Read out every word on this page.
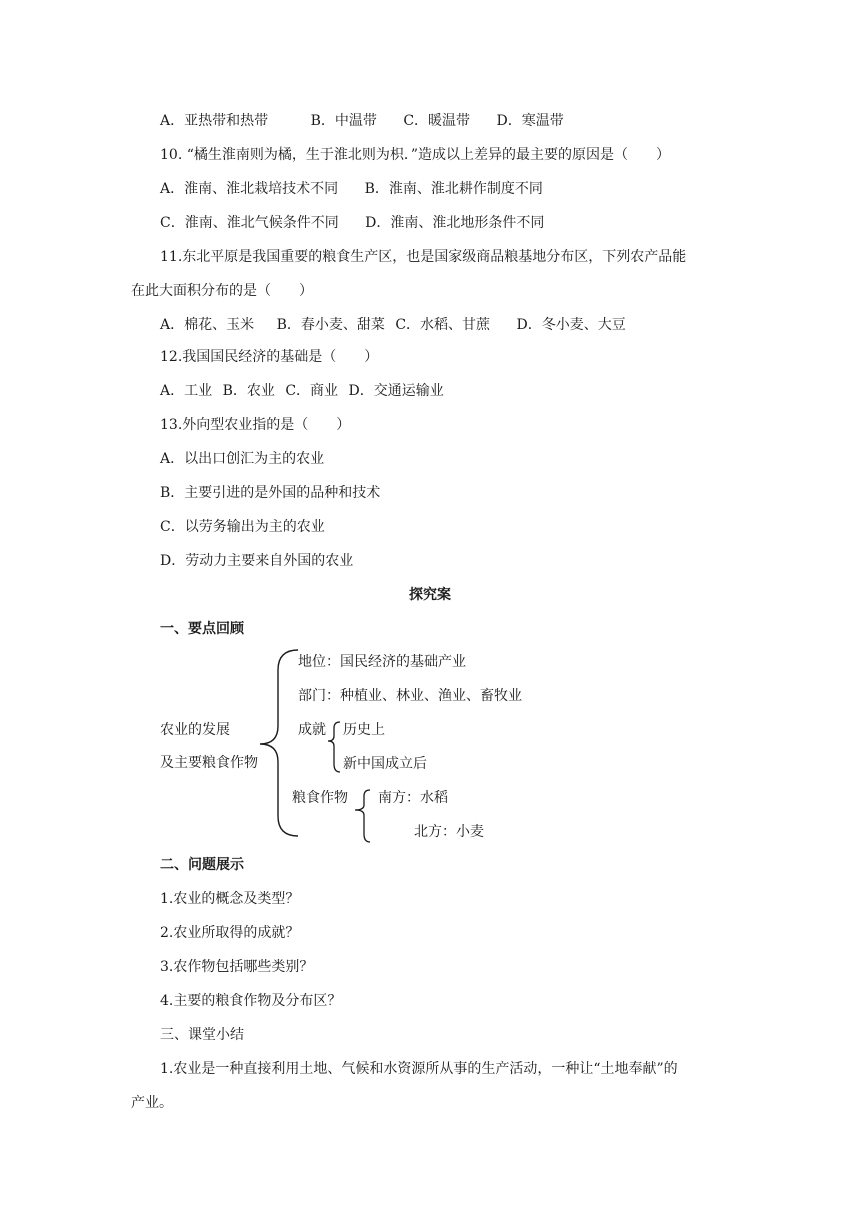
A．亚热带和热带	B．中温带 C．暖温带 D．寒温带
10. “橘生淮南则为橘，生于淮北则为枳．”造成以上差异的最主要的原因是（　　）
A．淮南、淮北栽培技术不同 B．淮南、淮北耕作制度不同
C．淮南、淮北气候条件不同 D．淮南、淮北地形条件不同
11.东北平原是我国重要的粮食生产区，也是国家级商品粮基地分布区，下列农产品能
在此大面积分布的是（　　）
A．棉花、玉米 B．春小麦、甜菜 C．水稻、甘蔗 D．冬小麦、大豆
12.我国国民经济的基础是（　　）
A．工业 B．农业 C．商业 D．交通运输业
13.外向型农业指的是（　　）
A．以出口创汇为主的农业
B．主要引进的是外国的品种和技术
C．以劳务输出为主的农业
D．劳动力主要来自外国的农业
探究案
一、要点回顾
农业的发展
及主要粮食作物
地位：国民经济的基础产业
部门：种植业、林业、渔业、畜牧业
成就 历史上
新中国成立后
粮食作物 南方：水稻
北方：小麦
二、问题展示
1.农业的概念及类型？
2.农业所取得的成就？
3.农作物包括哪些类别？
4.主要的粮食作物及分布区？
三、课堂小结
1.农业是一种直接利用土地、气候和水资源所从事的生产活动，一种让“土地奉献”的
产业。
